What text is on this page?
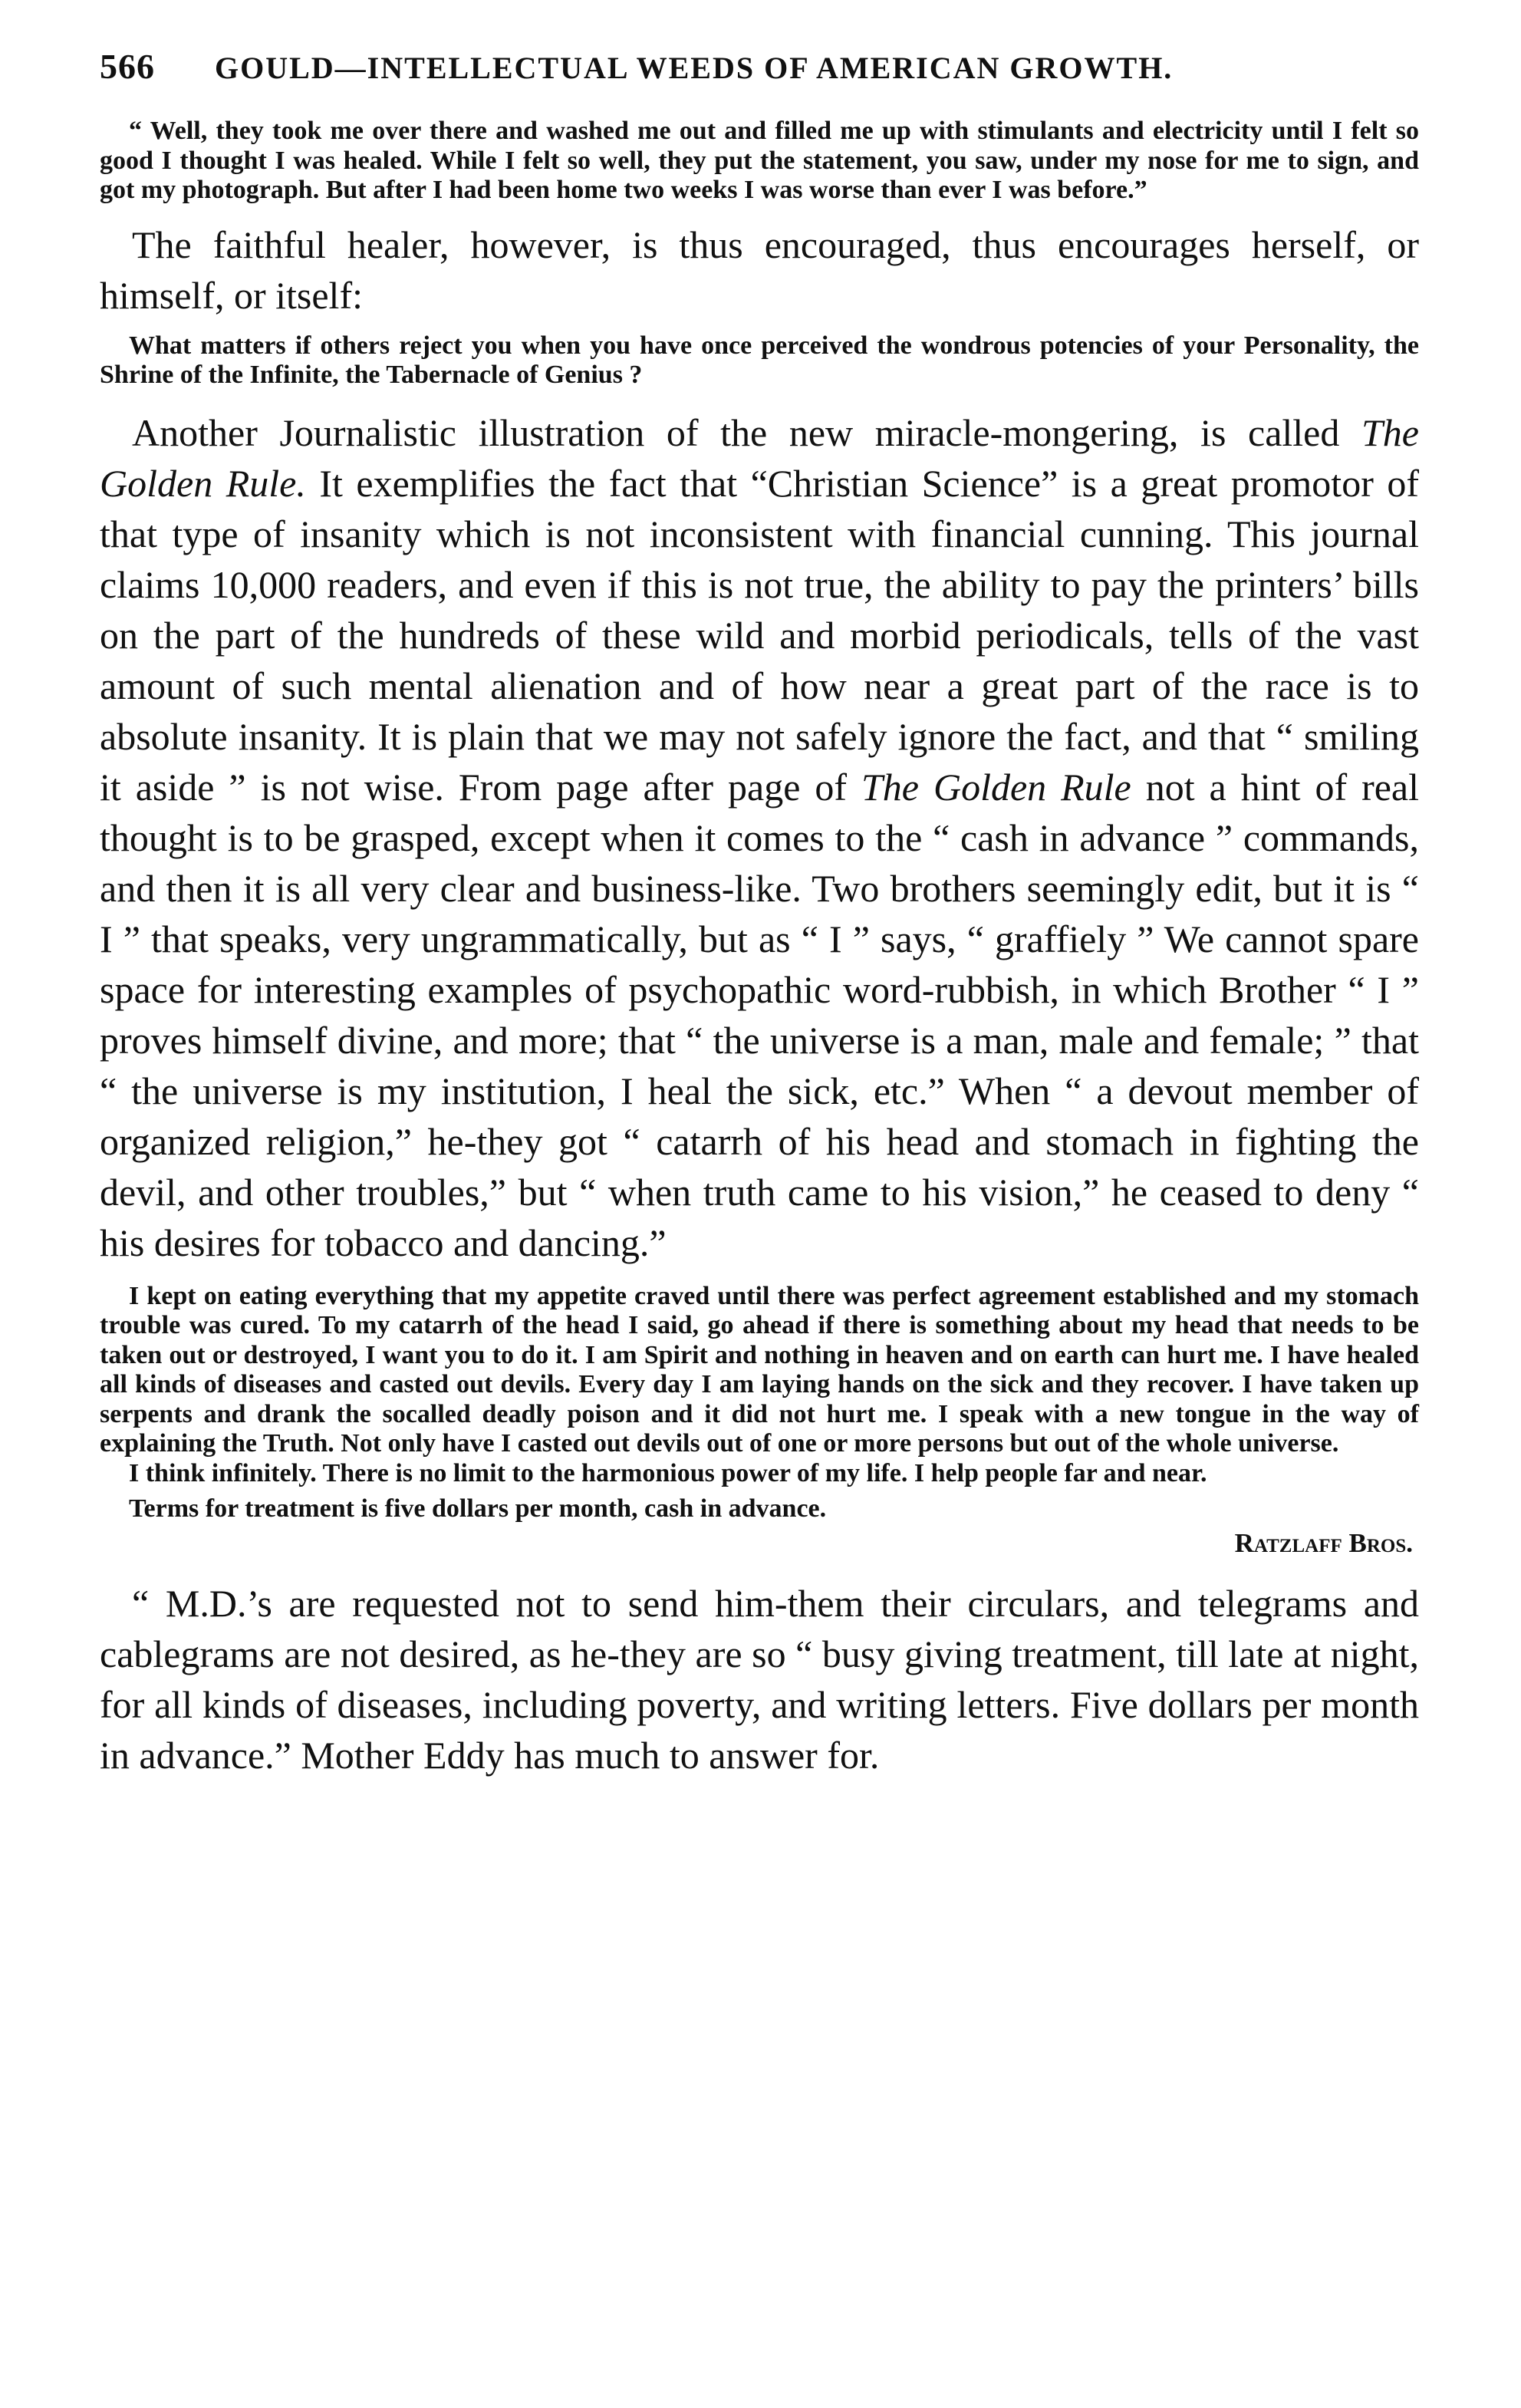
566	GOULD—INTELLECTUAL WEEDS OF AMERICAN GROWTH.

“ Well, they took me over there and washed me out and filled me up with stimulants and electricity until I felt so good I thought I was healed. While I felt so well, they put the statement, you saw, under my nose for me to sign, and got my photograph. But after I had been home two weeks I was worse than ever I was before.”

The faithful healer, however, is thus encouraged, thus encourages herself, or himself, or itself:

What matters if others reject you when you have once perceived the wondrous potencies of your Personality, the Shrine of the Infinite, the Tabernacle of Genius ?

Another Journalistic illustration of the new miracle-mongering, is called The Golden Rule. It exemplifies the fact that “Christian Science” is a great promotor of that type of insanity which is not inconsistent with financial cunning. This journal claims 10,000 readers, and even if this is not true, the ability to pay the printers’ bills on the part of the hundreds of these wild and morbid periodicals, tells of the vast amount of such mental alienation and of how near a great part of the race is to absolute insanity. It is plain that we may not safely ignore the fact, and that “ smiling it aside ” is not wise. From page after page of The Golden Rule not a hint of real thought is to be grasped, except when it comes to the “ cash in advance ” commands, and then it is all very clear and business-like. Two brothers seemingly edit, but it is “ I ” that speaks, very ungrammatically, but as “ I ” says, “ graffiely ” We cannot spare space for interesting examples of psychopathic word-rubbish, in which Brother “ I ” proves himself divine, and more; that “ the universe is a man, male and female; ” that “ the universe is my institution, I heal the sick, etc.” When “ a devout member of organized religion,” he-they got “ catarrh of his head and stomach in fighting the devil, and other troubles,” but “ when truth came to his vision,” he ceased to deny “ his desires for tobacco and dancing.”

I kept on eating everything that my appetite craved until there was perfect agreement established and my stomach trouble was cured. To my catarrh of the head I said, go ahead if there is something about my head that needs to be taken out or destroyed, I want you to do it. I am Spirit and nothing in heaven and on earth can hurt me. I have healed all kinds of diseases and casted out devils. Every day I am laying hands on the sick and they recover. I have taken up serpents and drank the socalled deadly poison and it did not hurt me. I speak with a new tongue in the way of explaining the Truth. Not only have I casted out devils out of one or more persons but out of the whole universe.

I think infinitely. There is no limit to the harmonious power of my life. I help people far and near.

Terms for treatment is five dollars per month, cash in advance.

Ratzlaff Bros.

“ M.D.’s are requested not to send him-them their circulars, and telegrams and cablegrams are not desired, as he-they are so “ busy giving treatment, till late at night, for all kinds of diseases, including poverty, and writing letters. Five dollars per month in advance.” Mother Eddy has much to answer for.
